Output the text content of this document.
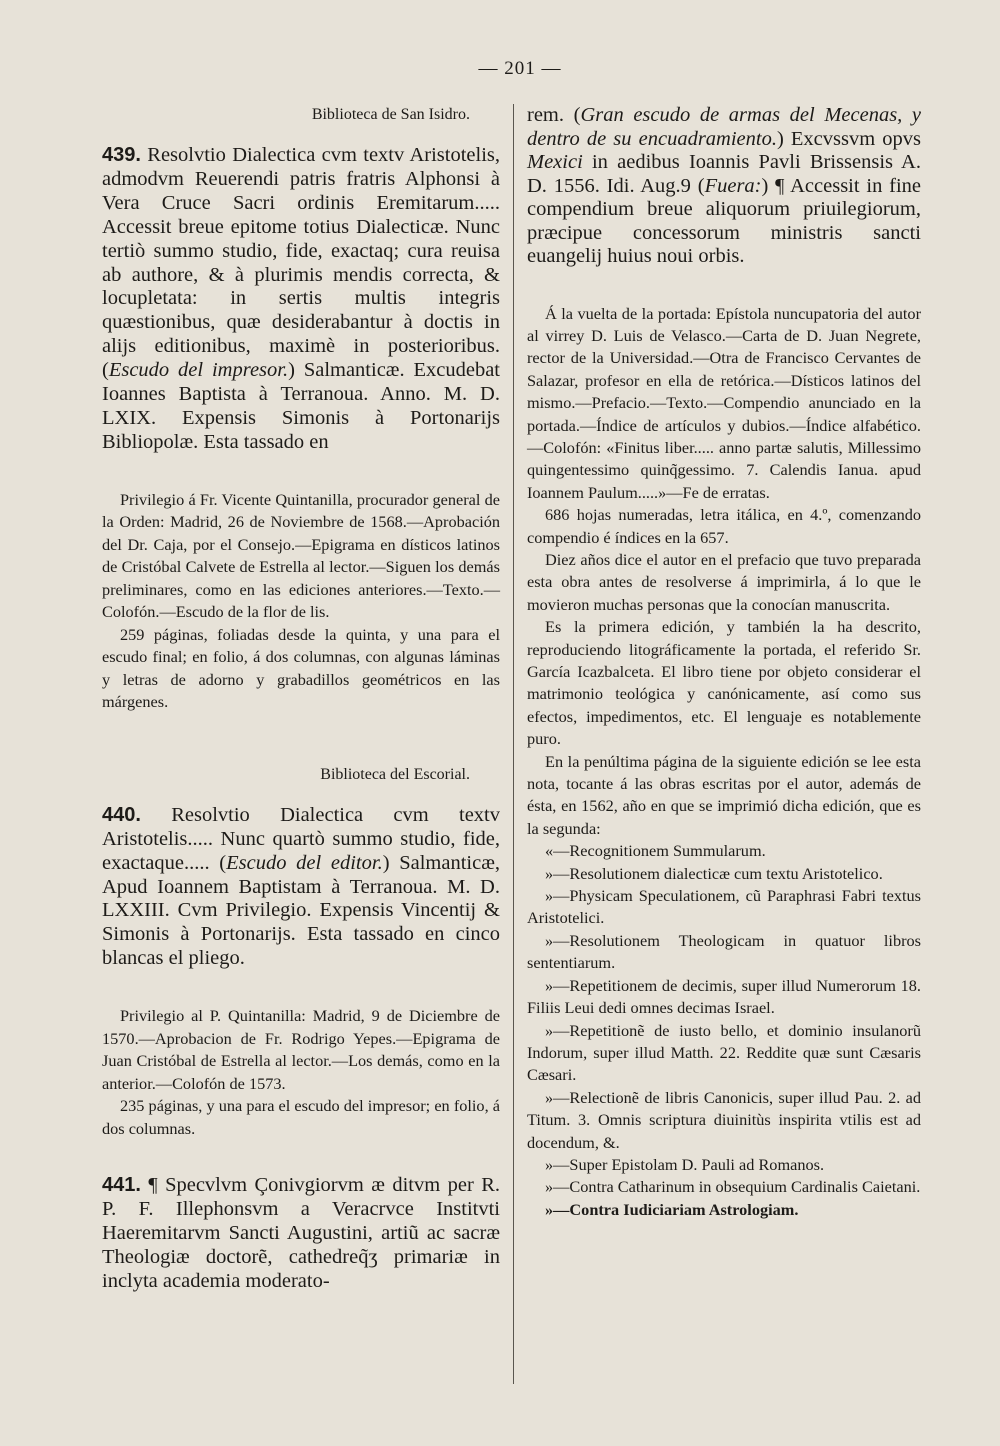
— 201 —

Biblioteca de San Isidro.

439. Resolvtio Dialectica cvm textv Aristotelis, admodvm Reuerendi patris fratris Alphonsi à Vera Cruce Sacri ordinis Eremitarum..... Accessit breue epitome totius Dialecticæ. Nunc tertiò summo studio, fide, exactaq; cura reuisa ab authore, & à plurimis mendis correcta, & locupletata: in sertis multis integris quæstionibus, quæ desiderabantur à doctis in alijs editionibus, maximè in posterioribus. (Escudo del impresor.) Salmanticæ. Excudebat Ioannes Baptista à Terranoua. Anno. M. D. LXIX. Expensis Simonis à Portonarijs Bibliopolæ. Esta tassado en

Privilegio á Fr. Vicente Quintanilla, procurador general de la Orden: Madrid, 26 de Noviembre de 1568.—Aprobación del Dr. Caja, por el Consejo.—Epigrama en dísticos latinos de Cristóbal Calvete de Estrella al lector.—Siguen los demás preliminares, como en las ediciones anteriores.—Texto.—Colofón.—Escudo de la flor de lis.

259 páginas, foliadas desde la quinta, y una para el escudo final; en folio, á dos columnas, con algunas láminas y letras de adorno y grabadillos geométricos en las márgenes.

Biblioteca del Escorial.

440. Resolvtio Dialectica cvm textv Aristotelis..... Nunc quartò summo studio, fide, exactaque..... (Escudo del editor.) Salmanticæ, Apud Ioannem Baptistam à Terranoua. M. D. LXXIII. Cvm Privilegio. Expensis Vincentij & Simonis à Portonarijs. Esta tassado en cinco blancas el pliego.

Privilegio al P. Quintanilla: Madrid, 9 de Diciembre de 1570.—Aprobacion de Fr. Rodrigo Yepes.—Epigrama de Juan Cristóbal de Estrella al lector.—Los demás, como en la anterior.—Colofón de 1573.

235 páginas, y una para el escudo del impresor; en folio, á dos columnas.

441. ¶ Specvlvm Çonivgiorvm æ ditvm per R. P. F. Illephonsvm a Veracrvce Institvti Haeremitarvm Sancti Augustini, artiũ ac sacræ Theologiæ doctorẽ, cathedreq̃ʒ primariæ in inclyta academia moderato-

rem. (Gran escudo de armas del Mecenas, y dentro de su encuadramiento.) Excvssvm opvs Mexici in aedibus Ioannis Pavli Brissensis A. D. 1556. Idi. Aug.9 (Fuera:) ¶ Accessit in fine compendium breue aliquorum priuilegiorum, præcipue concessorum ministris sancti euangelij huius noui orbis.

Á la vuelta de la portada: Epístola nuncupatoria del autor al virrey D. Luis de Velasco.—Carta de D. Juan Negrete, rector de la Universidad.—Otra de Francisco Cervantes de Salazar, profesor en ella de retórica.—Dísticos latinos del mismo.—Prefacio.—Texto.—Compendio anunciado en la portada.—Índice de artículos y dubios.—Índice alfabético.—Colofón: «Finitus liber..... anno partæ salutis, Millessimo quingentessimo quinq̃gessimo. 7. Calendis Ianua. apud Ioannem Paulum.....»—Fe de erratas.

686 hojas numeradas, letra itálica, en 4.º, comenzando compendio é índices en la 657.

Diez años dice el autor en el prefacio que tuvo preparada esta obra antes de resolverse á imprimirla, á lo que le movieron muchas personas que la conocían manuscrita.

Es la primera edición, y también la ha descrito, reproduciendo litográficamente la portada, el referido Sr. García Icazbalceta. El libro tiene por objeto considerar el matrimonio teológica y canónicamente, así como sus efectos, impedimentos, etc. El lenguaje es notablemente puro.

En la penúltima página de la siguiente edición se lee esta nota, tocante á las obras escritas por el autor, además de ésta, en 1562, año en que se imprimió dicha edición, que es la segunda:

«—Recognitionem Summularum.

»—Resolutionem dialecticæ cum textu Aristotelico.

»—Physicam Speculationem, cũ Paraphrasi Fabri textus Aristotelici.

»—Resolutionem Theologicam in quatuor libros sententiarum.

»—Repetitionem de decimis, super illud Numerorum 18. Filiis Leui dedi omnes decimas Israel.

»—Repetitionẽ de iusto bello, et dominio insulanorũ Indorum, super illud Matth. 22. Reddite quæ sunt Cæsaris Cæsari.

»—Relectionẽ de libris Canonicis, super illud Pau. 2. ad Titum. 3. Omnis scriptura diuinitùs inspirita vtilis est ad docendum, &.

»—Super Epistolam D. Pauli ad Romanos.

»—Contra Catharinum in obsequium Cardinalis Caietani.

»—Contra Iudiciariam Astrologiam.
